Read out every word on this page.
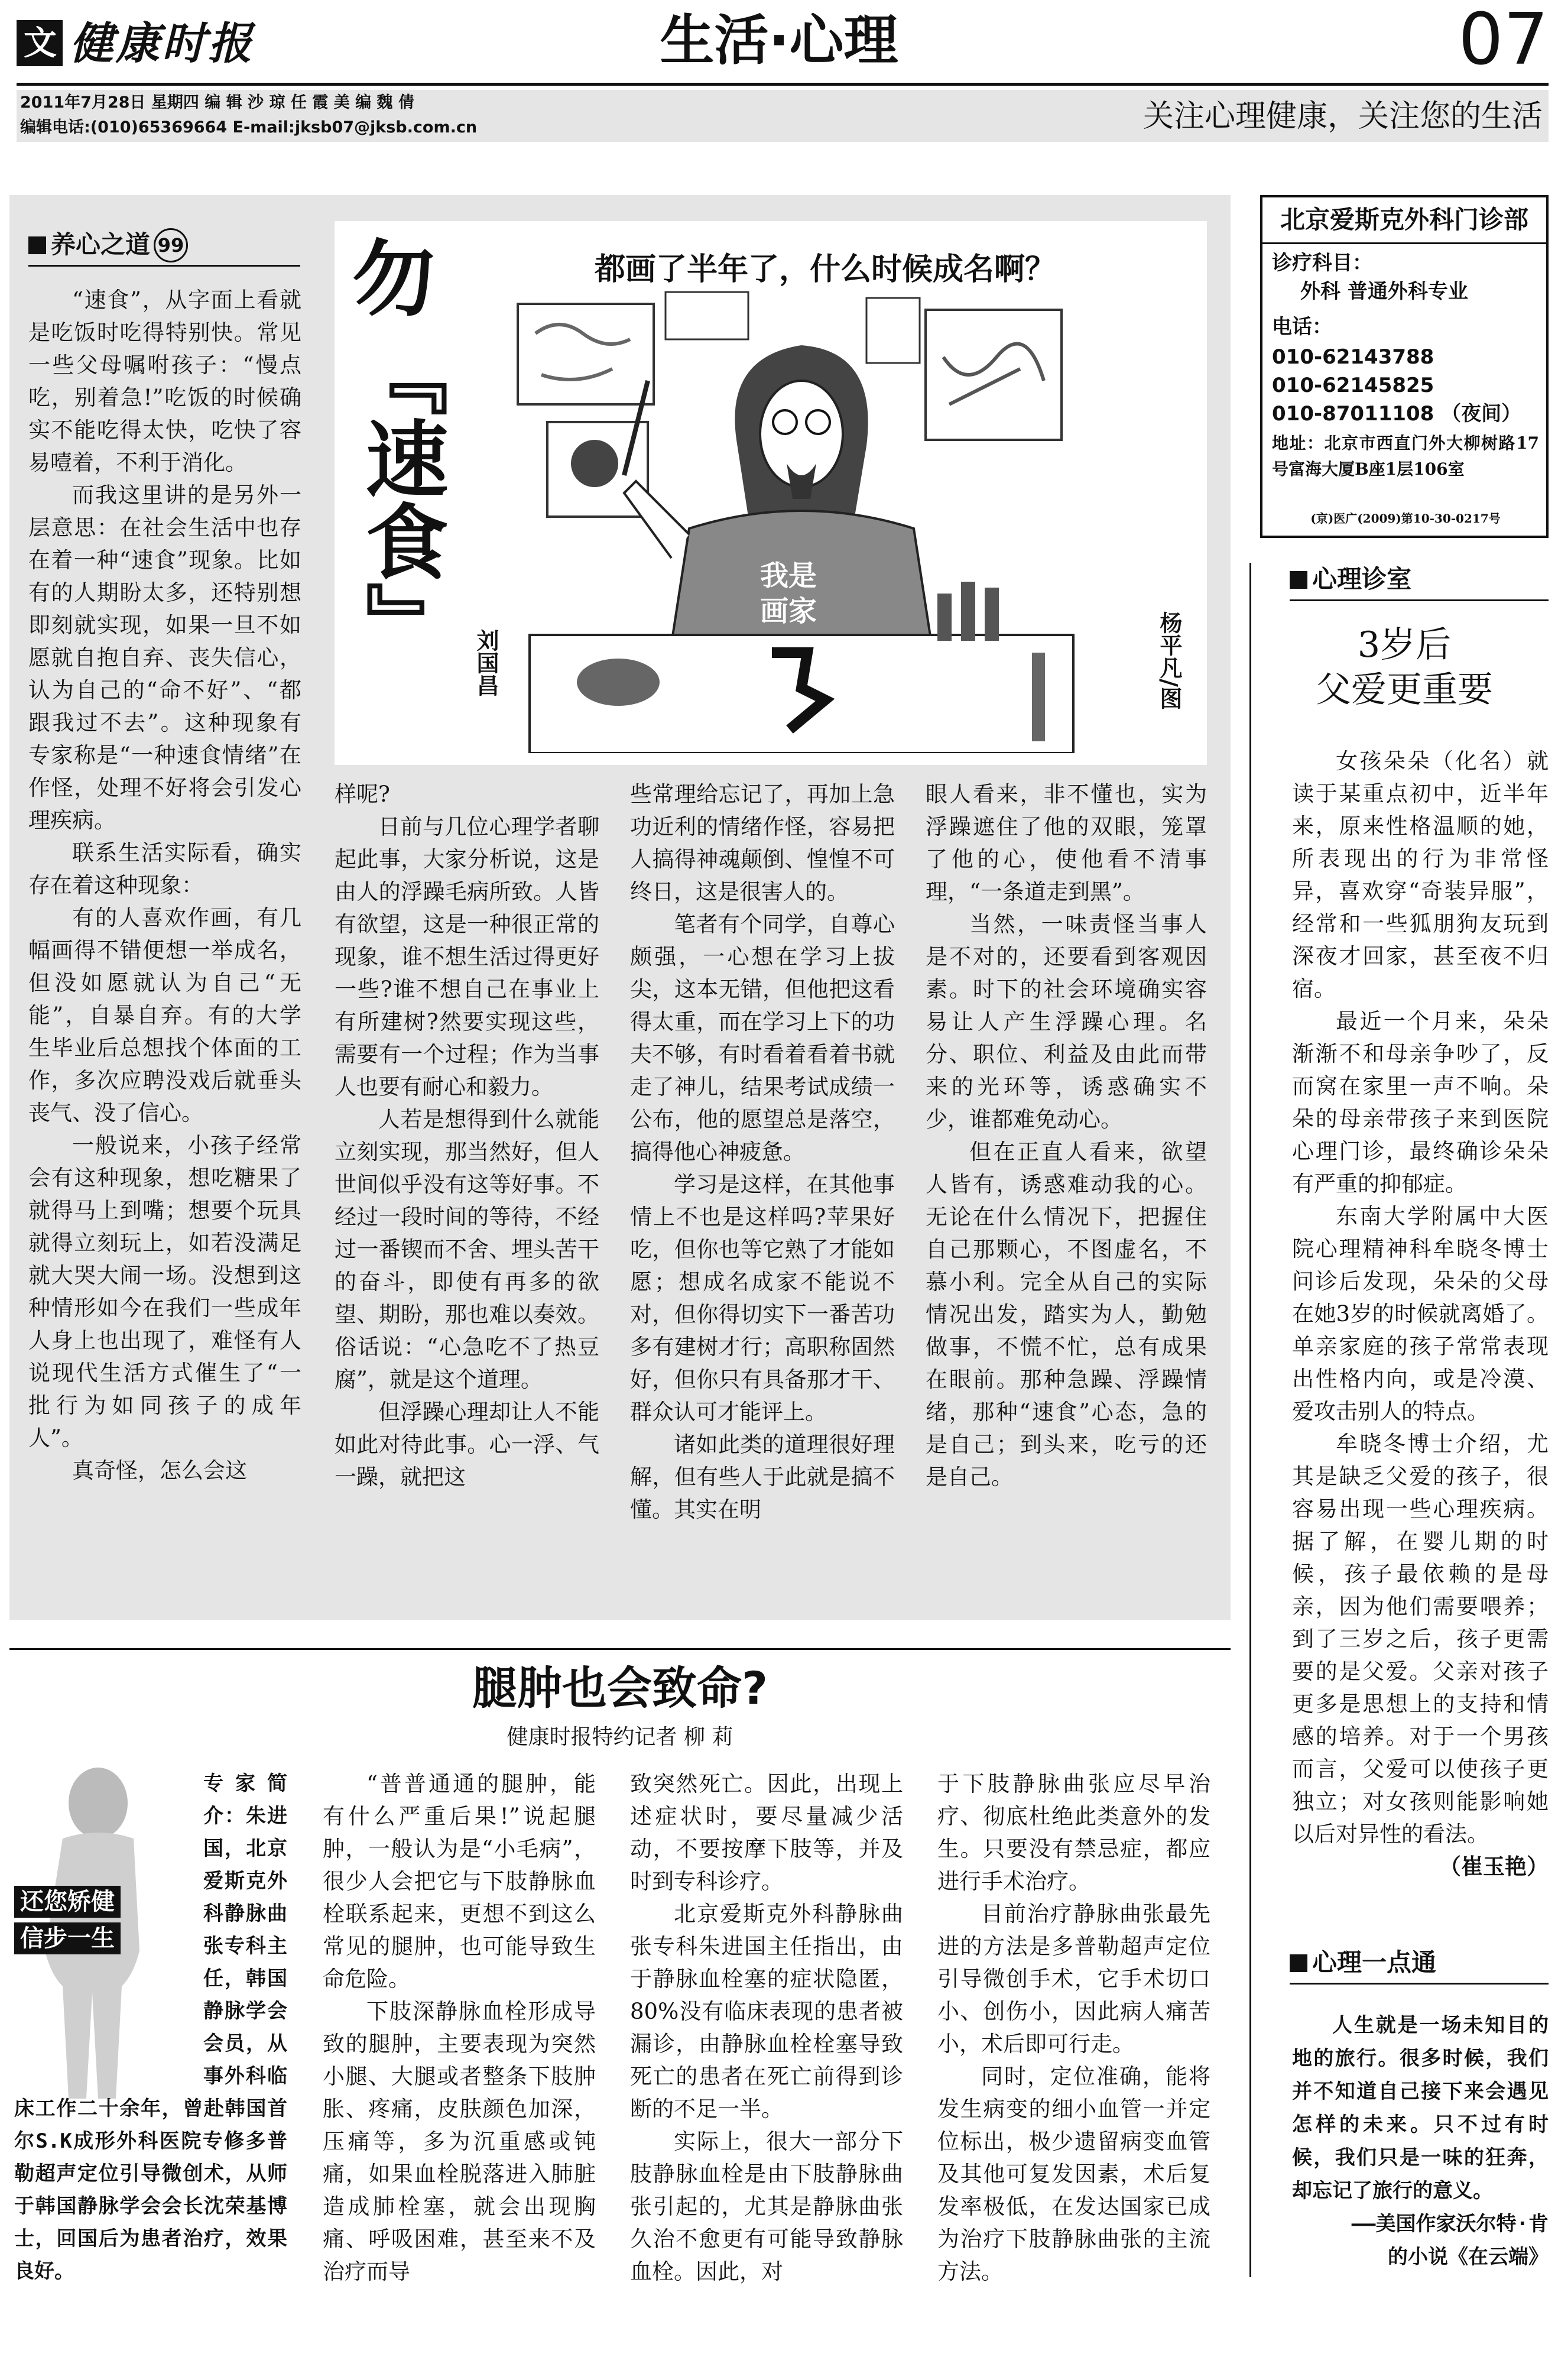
文 健康时报	生活·心理	07
2011年7月28日 星期四 编 辑 沙 琼 任 霞 美 编 魏 倩
编辑电话:(010)65369664 E-mail:jksb07@jksb.com.cn	关注心理健康，关注您的生活
养心之道 99 勿
『速食』 刘国昌
都画了半年了，什么时候成名啊？
我是画家	杨平凡/图

“速食”，从字面上看就是吃饭时吃得特别快。常见一些父母嘱咐孩子：“慢点吃，别着急!”吃饭的时候确实不能吃得太快，吃快了容易噎着，不利于消化。

而我这里讲的是另外一层意思：在社会生活中也存在着一种“速食”现象。比如有的人期盼太多，还特别想即刻就实现，如果一旦不如愿就自抱自弃、丧失信心，认为自己的“命不好”、“都跟我过不去”。这种现象有专家称是“一种速食情绪”在作怪，处理不好将会引发心理疾病。

联系生活实际看，确实存在着这种现象：

有的人喜欢作画，有几幅画得不错便想一举成名，但没如愿就认为自己“无能”，自暴自弃。有的大学生毕业后总想找个体面的工作，多次应聘没戏后就垂头丧气、没了信心。

一般说来，小孩子经常会有这种现象，想吃糖果了就得马上到嘴；想要个玩具就得立刻玩上，如若没满足就大哭大闹一场。没想到这种情形如今在我们一些成年人身上也出现了，难怪有人说现代生活方式催生了“一批行为如同孩子的成年人”。

真奇怪，怎么会这

样呢?

日前与几位心理学者聊起此事，大家分析说，这是由人的浮躁毛病所致。人皆有欲望，这是一种很正常的现象，谁不想生活过得更好一些?谁不想自己在事业上有所建树?然要实现这些，需要有一个过程；作为当事人也要有耐心和毅力。

人若是想得到什么就能立刻实现，那当然好，但人世间似乎没有这等好事。不经过一段时间的等待，不经过一番锲而不舍、埋头苦干的奋斗，即使有再多的欲望、期盼，那也难以奏效。俗话说：“心急吃不了热豆腐”，就是这个道理。

但浮躁心理却让人不能如此对待此事。心一浮、气一躁，就把这

些常理给忘记了，再加上急功近利的情绪作怪，容易把人搞得神魂颠倒、惶惶不可终日，这是很害人的。

笔者有个同学，自尊心颇强，一心想在学习上拔尖，这本无错，但他把这看得太重，而在学习上下的功夫不够，有时看着看着书就走了神儿，结果考试成绩一公布，他的愿望总是落空，搞得他心神疲惫。

学习是这样，在其他事情上不也是这样吗?苹果好吃，但你也等它熟了才能如愿；想成名成家不能说不对，但你得切实下一番苦功多有建树才行；高职称固然好，但你只有具备那才干、群众认可才能评上。

诸如此类的道理很好理解，但有些人于此就是搞不懂。其实在明

眼人看来，非不懂也，实为浮躁遮住了他的双眼，笼罩了他的心，使他看不清事理，“一条道走到黑”。

当然，一味责怪当事人是不对的，还要看到客观因素。时下的社会环境确实容易让人产生浮躁心理。名分、职位、利益及由此而带来的光环等，诱惑确实不少，谁都难免动心。

但在正直人看来，欲望人皆有，诱惑难动我的心。无论在什么情况下，把握住自己那颗心，不图虚名，不慕小利。完全从自己的实际情况出发，踏实为人，勤勉做事，不慌不忙，总有成果在眼前。那种急躁、浮躁情绪，那种“速食”心态，急的是自己；到头来，吃亏的还是自己。

北京爱斯克外科门诊部
诊疗科目：
外科 普通外科专业
电话：
010-62143788
010-62145825
010-87011108 （夜间）
地址：北京市西直门外大柳树路17号富海大厦B座1层106室
(京)医广(2009)第10-30-0217号
心理诊室
3岁后
父爱更重要

女孩朵朵（化名）就读于某重点初中，近半年来，原来性格温顺的她，所表现出的行为非常怪异，喜欢穿“奇装异服”，经常和一些狐朋狗友玩到深夜才回家，甚至夜不归宿。

最近一个月来，朵朵渐渐不和母亲争吵了，反而窝在家里一声不响。朵朵的母亲带孩子来到医院心理门诊，最终确诊朵朵有严重的抑郁症。

东南大学附属中大医院心理精神科牟晓冬博士问诊后发现，朵朵的父母在她3岁的时候就离婚了。单亲家庭的孩子常常表现出性格内向，或是冷漠、爱攻击别人的特点。

牟晓冬博士介绍，尤其是缺乏父爱的孩子，很容易出现一些心理疾病。据了解，在婴儿期的时候，孩子最依赖的是母亲，因为他们需要喂养；到了三岁之后，孩子更需要的是父爱。父亲对孩子更多是思想上的支持和情感的培养。对于一个男孩而言，父爱可以使孩子更独立；对女孩则能影响她以后对异性的看法。

（崔玉艳）

心理一点通

人生就是一场未知目的地的旅行。很多时候，我们并不知道自己接下来会遇见怎样的未来。只不过有时候，我们只是一味的狂奔，却忘记了旅行的意义。

——美国作家沃尔特·肯的小说《在云端》

腿肿也会致命?
健康时报特约记者 柳 莉
还您矫健
信步一生

“普普通通的腿肿，能有什么严重后果!”说起腿肿，一般认为是“小毛病”，很少人会把它与下肢静脉血栓联系起来，更想不到这么常见的腿肿，也可能导致生命危险。

下肢深静脉血栓形成导致的腿肿，主要表现为突然小腿、大腿或者整条下肢肿胀、疼痛，皮肤颜色加深，压痛等，多为沉重感或钝痛，如果血栓脱落进入肺脏造成肺栓塞，就会出现胸痛、呼吸困难，甚至来不及治疗而导

致突然死亡。因此，出现上述症状时，要尽量减少活动，不要按摩下肢等，并及时到专科诊疗。

北京爱斯克外科静脉曲张专科朱进国主任指出，由于静脉血栓塞的症状隐匿，80%没有临床表现的患者被漏诊，由静脉血栓栓塞导致死亡的患者在死亡前得到诊断的不足一半。

实际上，很大一部分下肢静脉血栓是由下肢静脉曲张引起的，尤其是静脉曲张久治不愈更有可能导致静脉血栓。因此，对

于下肢静脉曲张应尽早治疗、彻底杜绝此类意外的发生。只要没有禁忌症，都应进行手术治疗。

目前治疗静脉曲张最先进的方法是多普勒超声定位引导微创手术，它手术切口小、创伤小，因此病人痛苦小，术后即可行走。

同时，定位准确，能将发生病变的细小血管一并定位标出，极少遗留病变血管及其他可复发因素，术后复发率极低，在发达国家已成为治疗下肢静脉曲张的主流方法。

专家简介：朱进国，北京爱斯克外科静脉曲张专科主任，韩国静脉学会会员，从事外科临床工作二十余年，曾赴韩国首尔S.K成形外科医院专修多普勒超声定位引导微创术，从师于韩国静脉学会会长沈荣基博士，回国后为患者治疗，效果良好。
